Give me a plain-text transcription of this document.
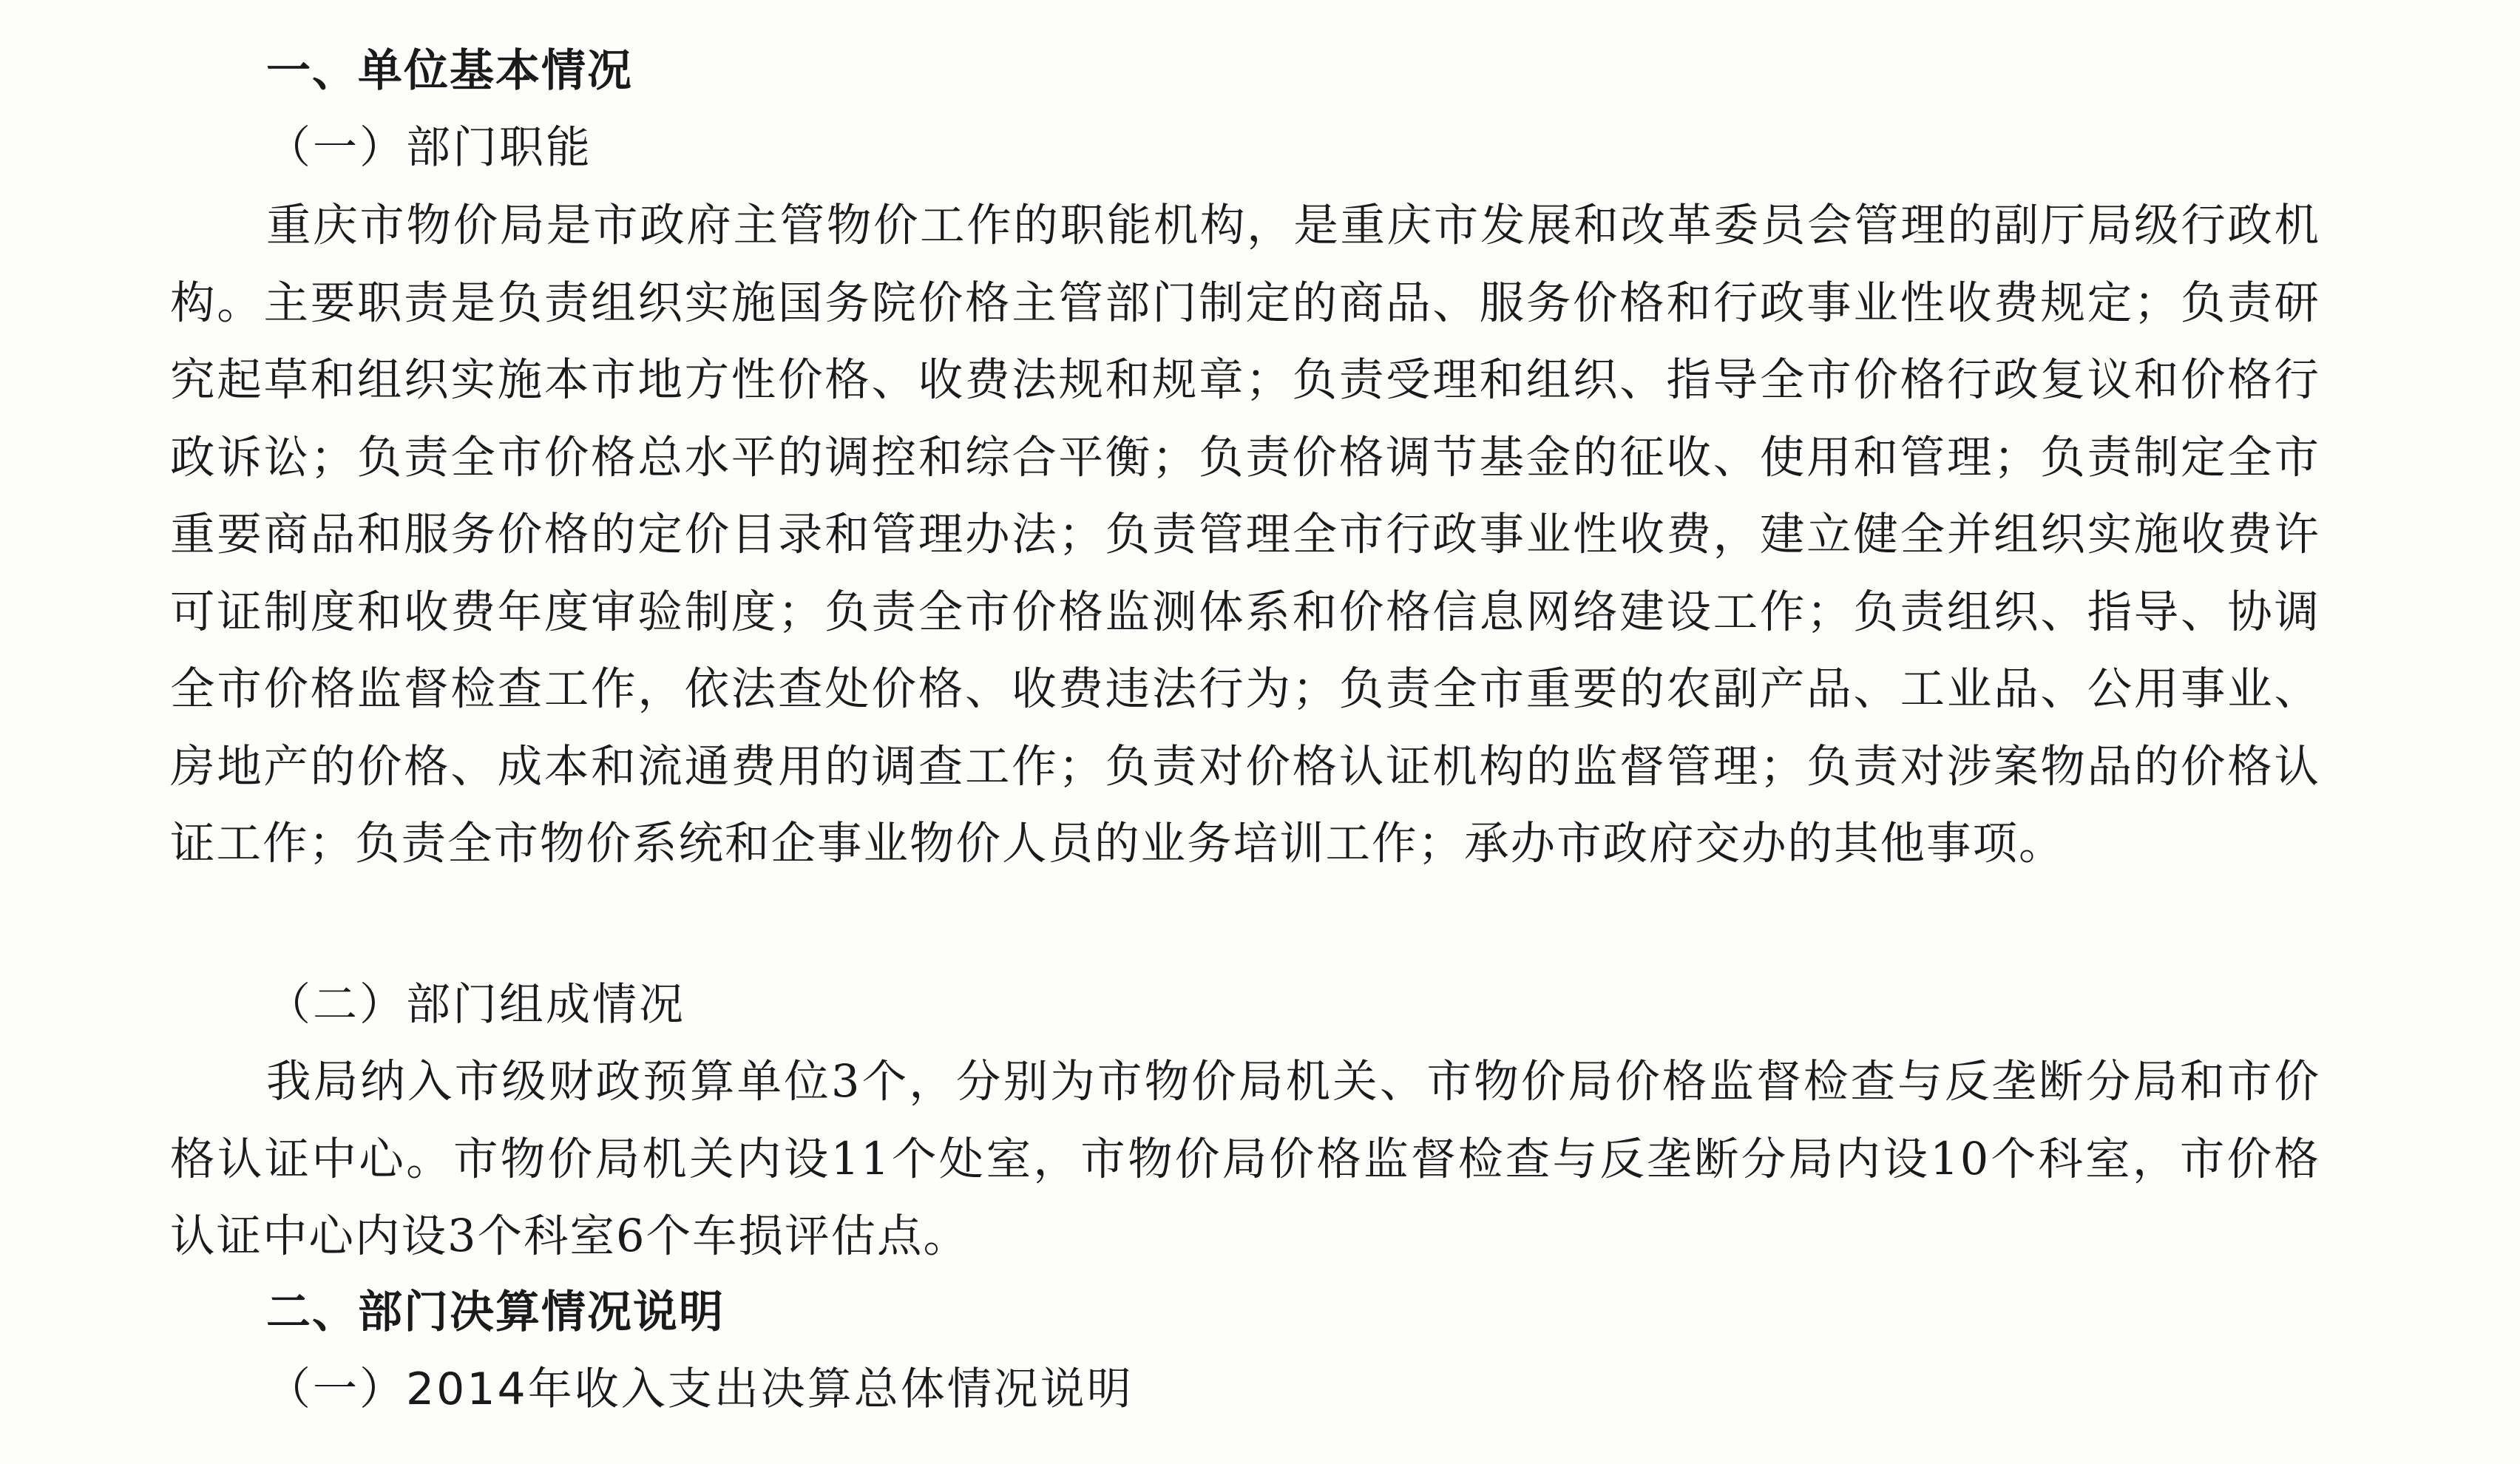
一、单位基本情况
（一）部门职能

重庆市物价局是市政府主管物价工作的职能机构，是重庆市发展和改革委员会管理的副厅局级行政机构。主要职责是负责组织实施国务院价格主管部门制定的商品、服务价格和行政事业性收费规定；负责研究起草和组织实施本市地方性价格、收费法规和规章；负责受理和组织、指导全市价格行政复议和价格行政诉讼；负责全市价格总水平的调控和综合平衡；负责价格调节基金的征收、使用和管理；负责制定全市重要商品和服务价格的定价目录和管理办法；负责管理全市行政事业性收费，建立健全并组织实施收费许可证制度和收费年度审验制度；负责全市价格监测体系和价格信息网络建设工作；负责组织、指导、协调全市价格监督检查工作，依法查处价格、收费违法行为；负责全市重要的农副产品、工业品、公用事业、房地产的价格、成本和流通费用的调查工作；负责对价格认证机构的监督管理；负责对涉案物品的价格认证工作；负责全市物价系统和企事业物价人员的业务培训工作；承办市政府交办的其他事项。

（二）部门组成情况

我局纳入市级财政预算单位3个，分别为市物价局机关、市物价局价格监督检查与反垄断分局和市价格认证中心。市物价局机关内设11个处室，市物价局价格监督检查与反垄断分局内设10个科室，市价格认证中心内设3个科室6个车损评估点。

二、部门决算情况说明
（一）2014年收入支出决算总体情况说明
